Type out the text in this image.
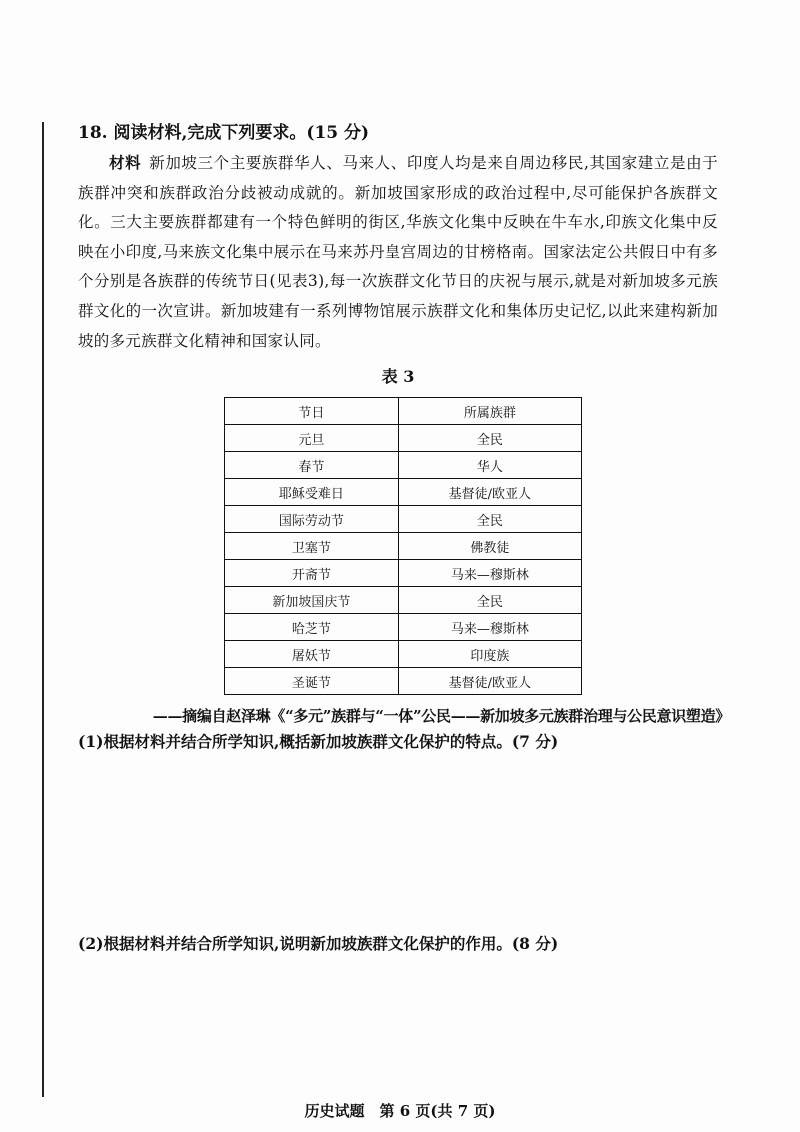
18. 阅读材料,完成下列要求。(15 分)

材料 新加坡三个主要族群华人、马来人、印度人均是来自周边移民,其国家建立是由于族群冲突和族群政治分歧被动成就的。新加坡国家形成的政治过程中,尽可能保护各族群文化。三大主要族群都建有一个特色鲜明的街区,华族文化集中反映在牛车水,印族文化集中反映在小印度,马来族文化集中展示在马来苏丹皇宫周边的甘榜格南。国家法定公共假日中有多个分别是各族群的传统节日(见表3),每一次族群文化节日的庆祝与展示,就是对新加坡多元族群文化的一次宣讲。新加坡建有一系列博物馆展示族群文化和集体历史记忆,以此来建构新加坡的多元族群文化精神和国家认同。

表 3
节日	所属族群
元旦	全民
春节	华人
耶稣受难日	基督徒/欧亚人
国际劳动节	全民
卫塞节	佛教徒
开斋节	马来—穆斯林
新加坡国庆节	全民
哈芝节	马来—穆斯林
屠妖节	印度族
圣诞节	基督徒/欧亚人
——摘编自赵泽琳《“多元”族群与“一体”公民——新加坡多元族群治理与公民意识塑造》

(1)根据材料并结合所学知识,概括新加坡族群文化保护的特点。(7 分)

(2)根据材料并结合所学知识,说明新加坡族群文化保护的作用。(8 分)

历史试题　第 6 页(共 7 页)
